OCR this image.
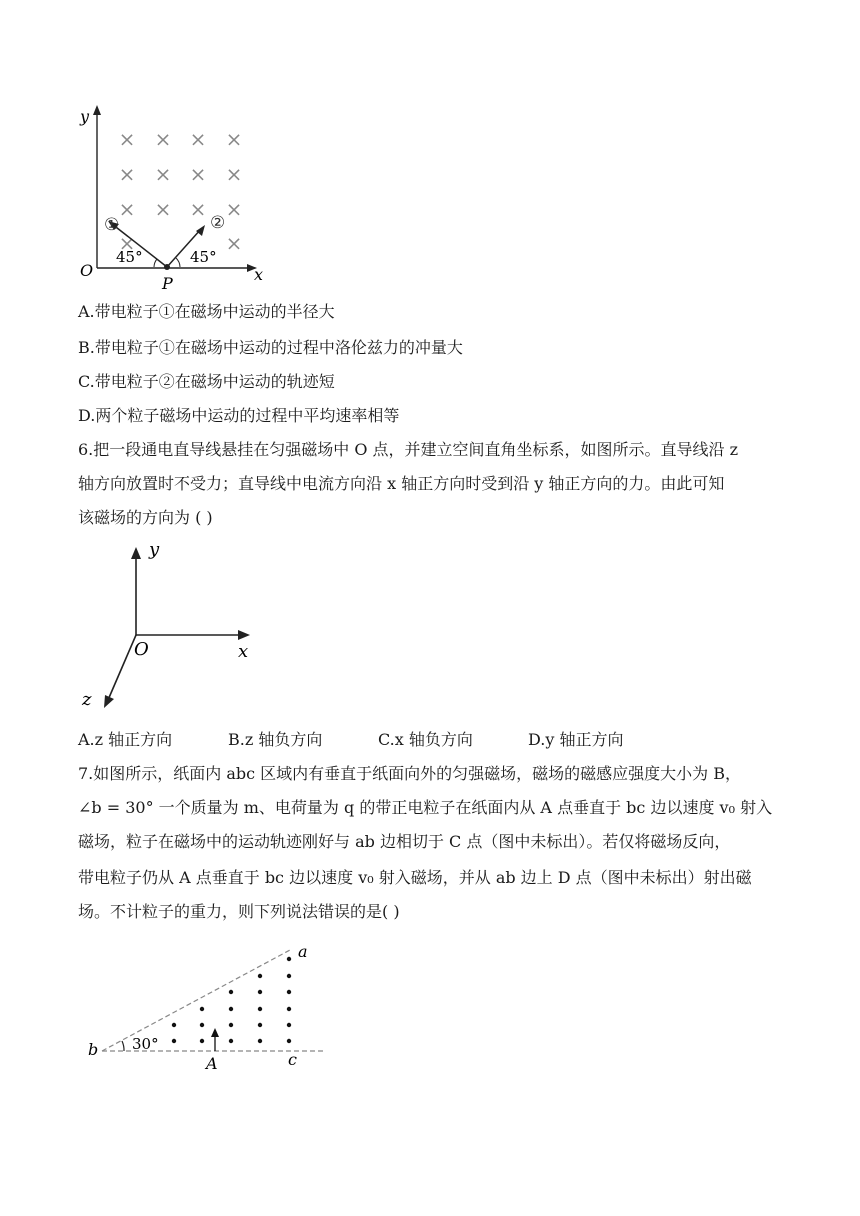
y
x
O
P
× × × ×
× × × ×
× × × ×
×	×
45°	45°
①	②
A.带电粒子①在磁场中运动的半径大
B.带电粒子①在磁场中运动的过程中洛伦兹力的冲量大
C.带电粒子②在磁场中运动的轨迹短
D.两个粒子磁场中运动的过程中平均速率相等
6.把一段通电直导线悬挂在匀强磁场中 O 点，并建立空间直角坐标系，如图所示。直导线沿 z
轴方向放置时不受力；直导线中电流方向沿 x 轴正方向时受到沿 y 轴正方向的力。由此可知
该磁场的方向为 ( )
y
x
z
O
A.z 轴正方向	B.z 轴负方向	C.x 轴负方向	D.y 轴正方向
7.如图所示，纸面内 abc 区域内有垂直于纸面向外的匀强磁场，磁场的磁感应强度大小为 B，
∠b = 30° 一个质量为 m、电荷量为 q 的带正电粒子在纸面内从 A 点垂直于 bc 边以速度 v₀ 射入
磁场，粒子在磁场中的运动轨迹刚好与 ab 边相切于 C 点（图中未标出）。若仅将磁场反向，
带电粒子仍从 A 点垂直于 bc 边以速度 v₀ 射入磁场，并从 ab 边上 D 点（图中未标出）射出磁
场。不计粒子的重力，则下列说法错误的是( )
a
b
c
A
30°
